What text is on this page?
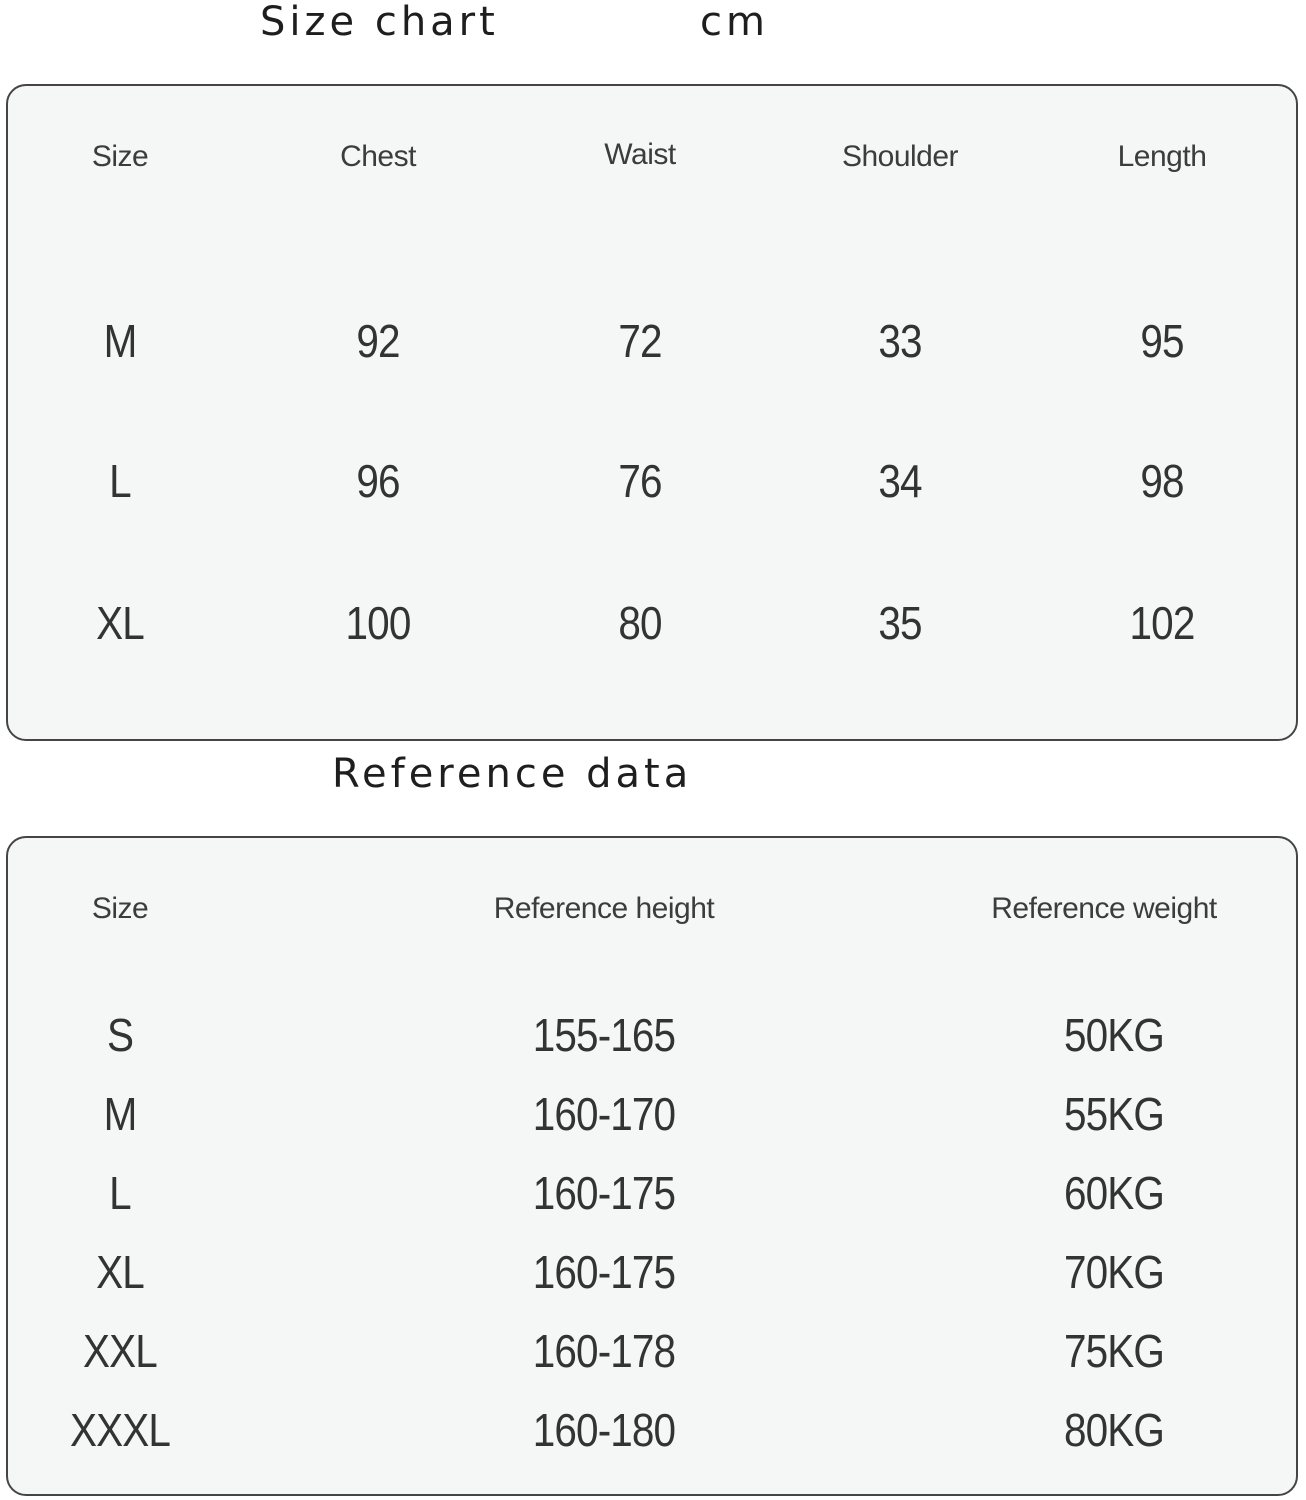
Size chart	cm
Size	Chest	Waist	Shoulder	Length
M	92	72	33	95
L	96	76	34	98
XL	100	80	35	102
Reference data
Size	Reference height	Reference weight
S	155-165	50KG
M	160-170	55KG
L	160-175	60KG
XL	160-175	70KG
XXL	160-178	75KG
XXXL	160-180	80KG
